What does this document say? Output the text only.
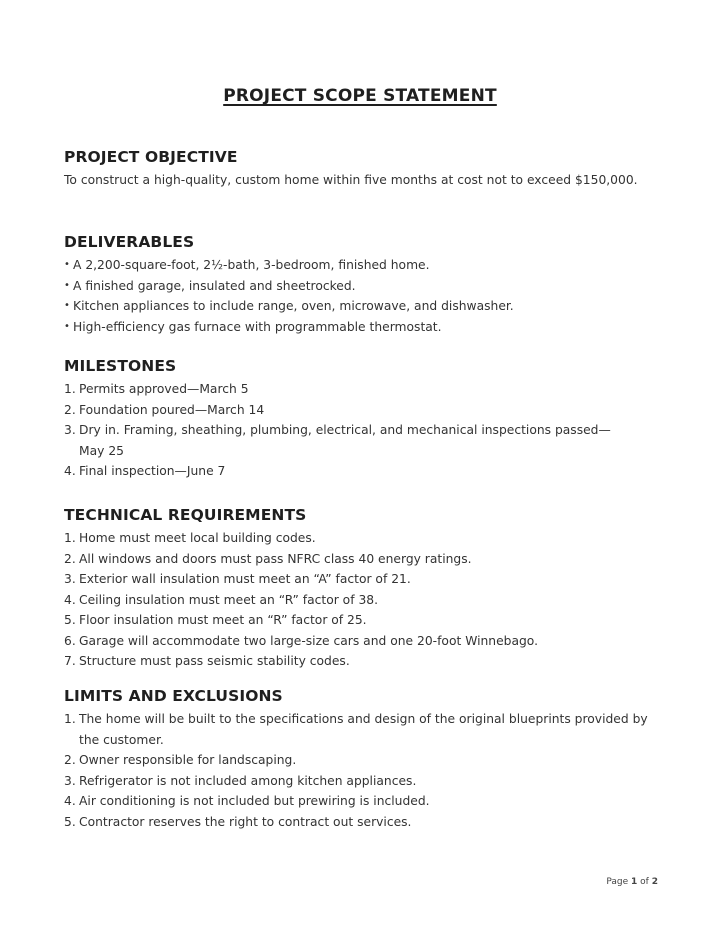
PROJECT SCOPE STATEMENT
PROJECT OBJECTIVE

To construct a high-quality, custom home within five months at cost not to exceed $150,000.

DELIVERABLES
• A 2,200-square-foot, 2½-bath, 3-bedroom, finished home.
• A finished garage, insulated and sheetrocked.
• Kitchen appliances to include range, oven, microwave, and dishwasher.
• High-efficiency gas furnace with programmable thermostat.
MILESTONES
1. Permits approved—March 5
2. Foundation poured—March 14
3. Dry in. Framing, sheathing, plumbing, electrical, and mechanical inspections passed—May 25
4. Final inspection—June 7
TECHNICAL REQUIREMENTS
1. Home must meet local building codes.
2. All windows and doors must pass NFRC class 40 energy ratings.
3. Exterior wall insulation must meet an “A” factor of 21.
4. Ceiling insulation must meet an “R” factor of 38.
5. Floor insulation must meet an “R” factor of 25.
6. Garage will accommodate two large-size cars and one 20-foot Winnebago.
7. Structure must pass seismic stability codes.
LIMITS AND EXCLUSIONS
1. The home will be built to the specifications and design of the original blueprints provided by the customer.
2. Owner responsible for landscaping.
3. Refrigerator is not included among kitchen appliances.
4. Air conditioning is not included but prewiring is included.
5. Contractor reserves the right to contract out services.
Page 1 of 2
